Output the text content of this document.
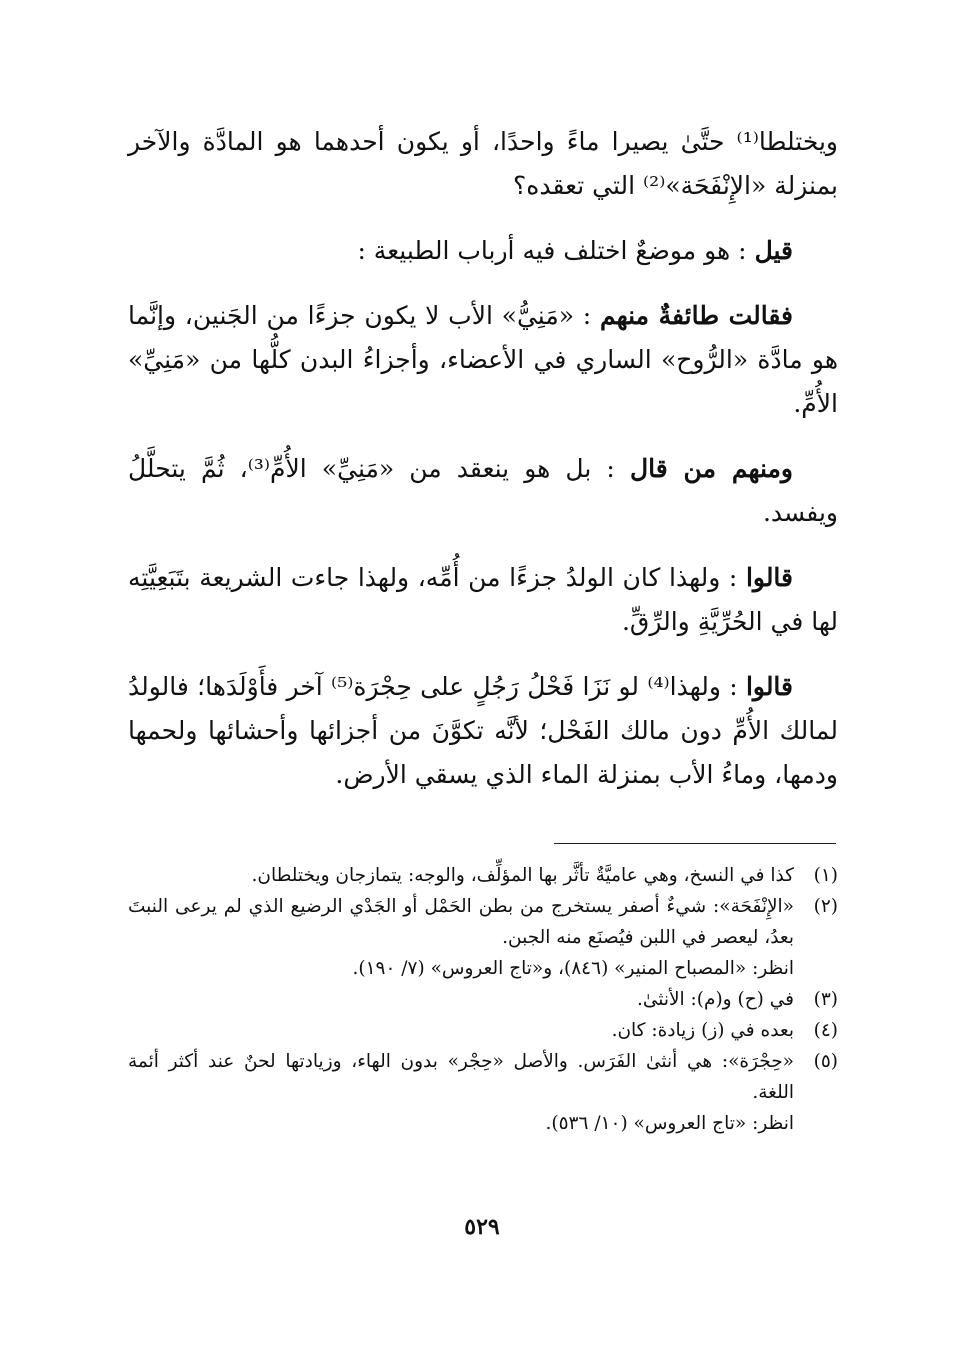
ويختلطا⁽¹⁾ حتَّىٰ يصيرا ماءً واحدًا، أو يكون أحدهما هو المادَّة والآخر بمنزلة «الإِنْفَحَة»⁽²⁾ التي تعقده؟

قيل : هو موضعٌ اختلف فيه أرباب الطبيعة :

فقالت طائفةٌ منهم : «مَنِيُّ» الأب لا يكون جزءًا من الجَنين، وإنَّما هو مادَّة «الرُّوح» الساري في الأعضاء، وأجزاءُ البدن كلُّها من «مَنِيِّ» الأُمِّ.

ومنهم من قال : بل هو ينعقد من «مَنِيِّ» الأُمِّ⁽³⁾، ثُمَّ يتحلَّلُ ويفسد.

قالوا : ولهذا كان الولدُ جزءًا من أُمِّه، ولهذا جاءت الشريعة بتَبَعِيَّتِه لها في الحُرِّيَّةِ والرِّقِّ.

قالوا : ولهذا⁽⁴⁾ لو نَزَا فَحْلُ رَجُلٍ على حِجْرَة⁽⁵⁾ آخر فأَوْلَدَها؛ فالولدُ لمالك الأُمِّ دون مالك الفَحْل؛ لأنَّه تكوَّنَ من أجزائها وأحشائها ولحمها ودمها، وماءُ الأب بمنزلة الماء الذي يسقي الأرض.

(١)
كذا في النسخ، وهي عاميَّةٌ تأثَّر بها المؤلِّف، والوجه: يتمازجان ويختلطان.
(٢)
«الإِنْفَحَة»: شيءٌ أصفر يستخرج من بطن الحَمْل أو الجَدْي الرضيع الذي لم يرعى النبتَ بعدُ، ليعصر في اللبن فيُصنَع منه الجبن.
انظر: «المصباح المنير» (٨٤٦)، و«تاج العروس» (٧/ ١٩٠).
(٣)
في (ح) و(م): الأنثىٰ.
(٤)
بعده في (ز) زيادة: كان.
(٥)
«حِجْرَة»: هي أنثىٰ الفَرَس. والأصل «حِجْر» بدون الهاء، وزيادتها لحنٌ عند أكثر أئمة اللغة.
انظر: «تاج العروس» (١٠/ ٥٣٦).
٥٢٩
